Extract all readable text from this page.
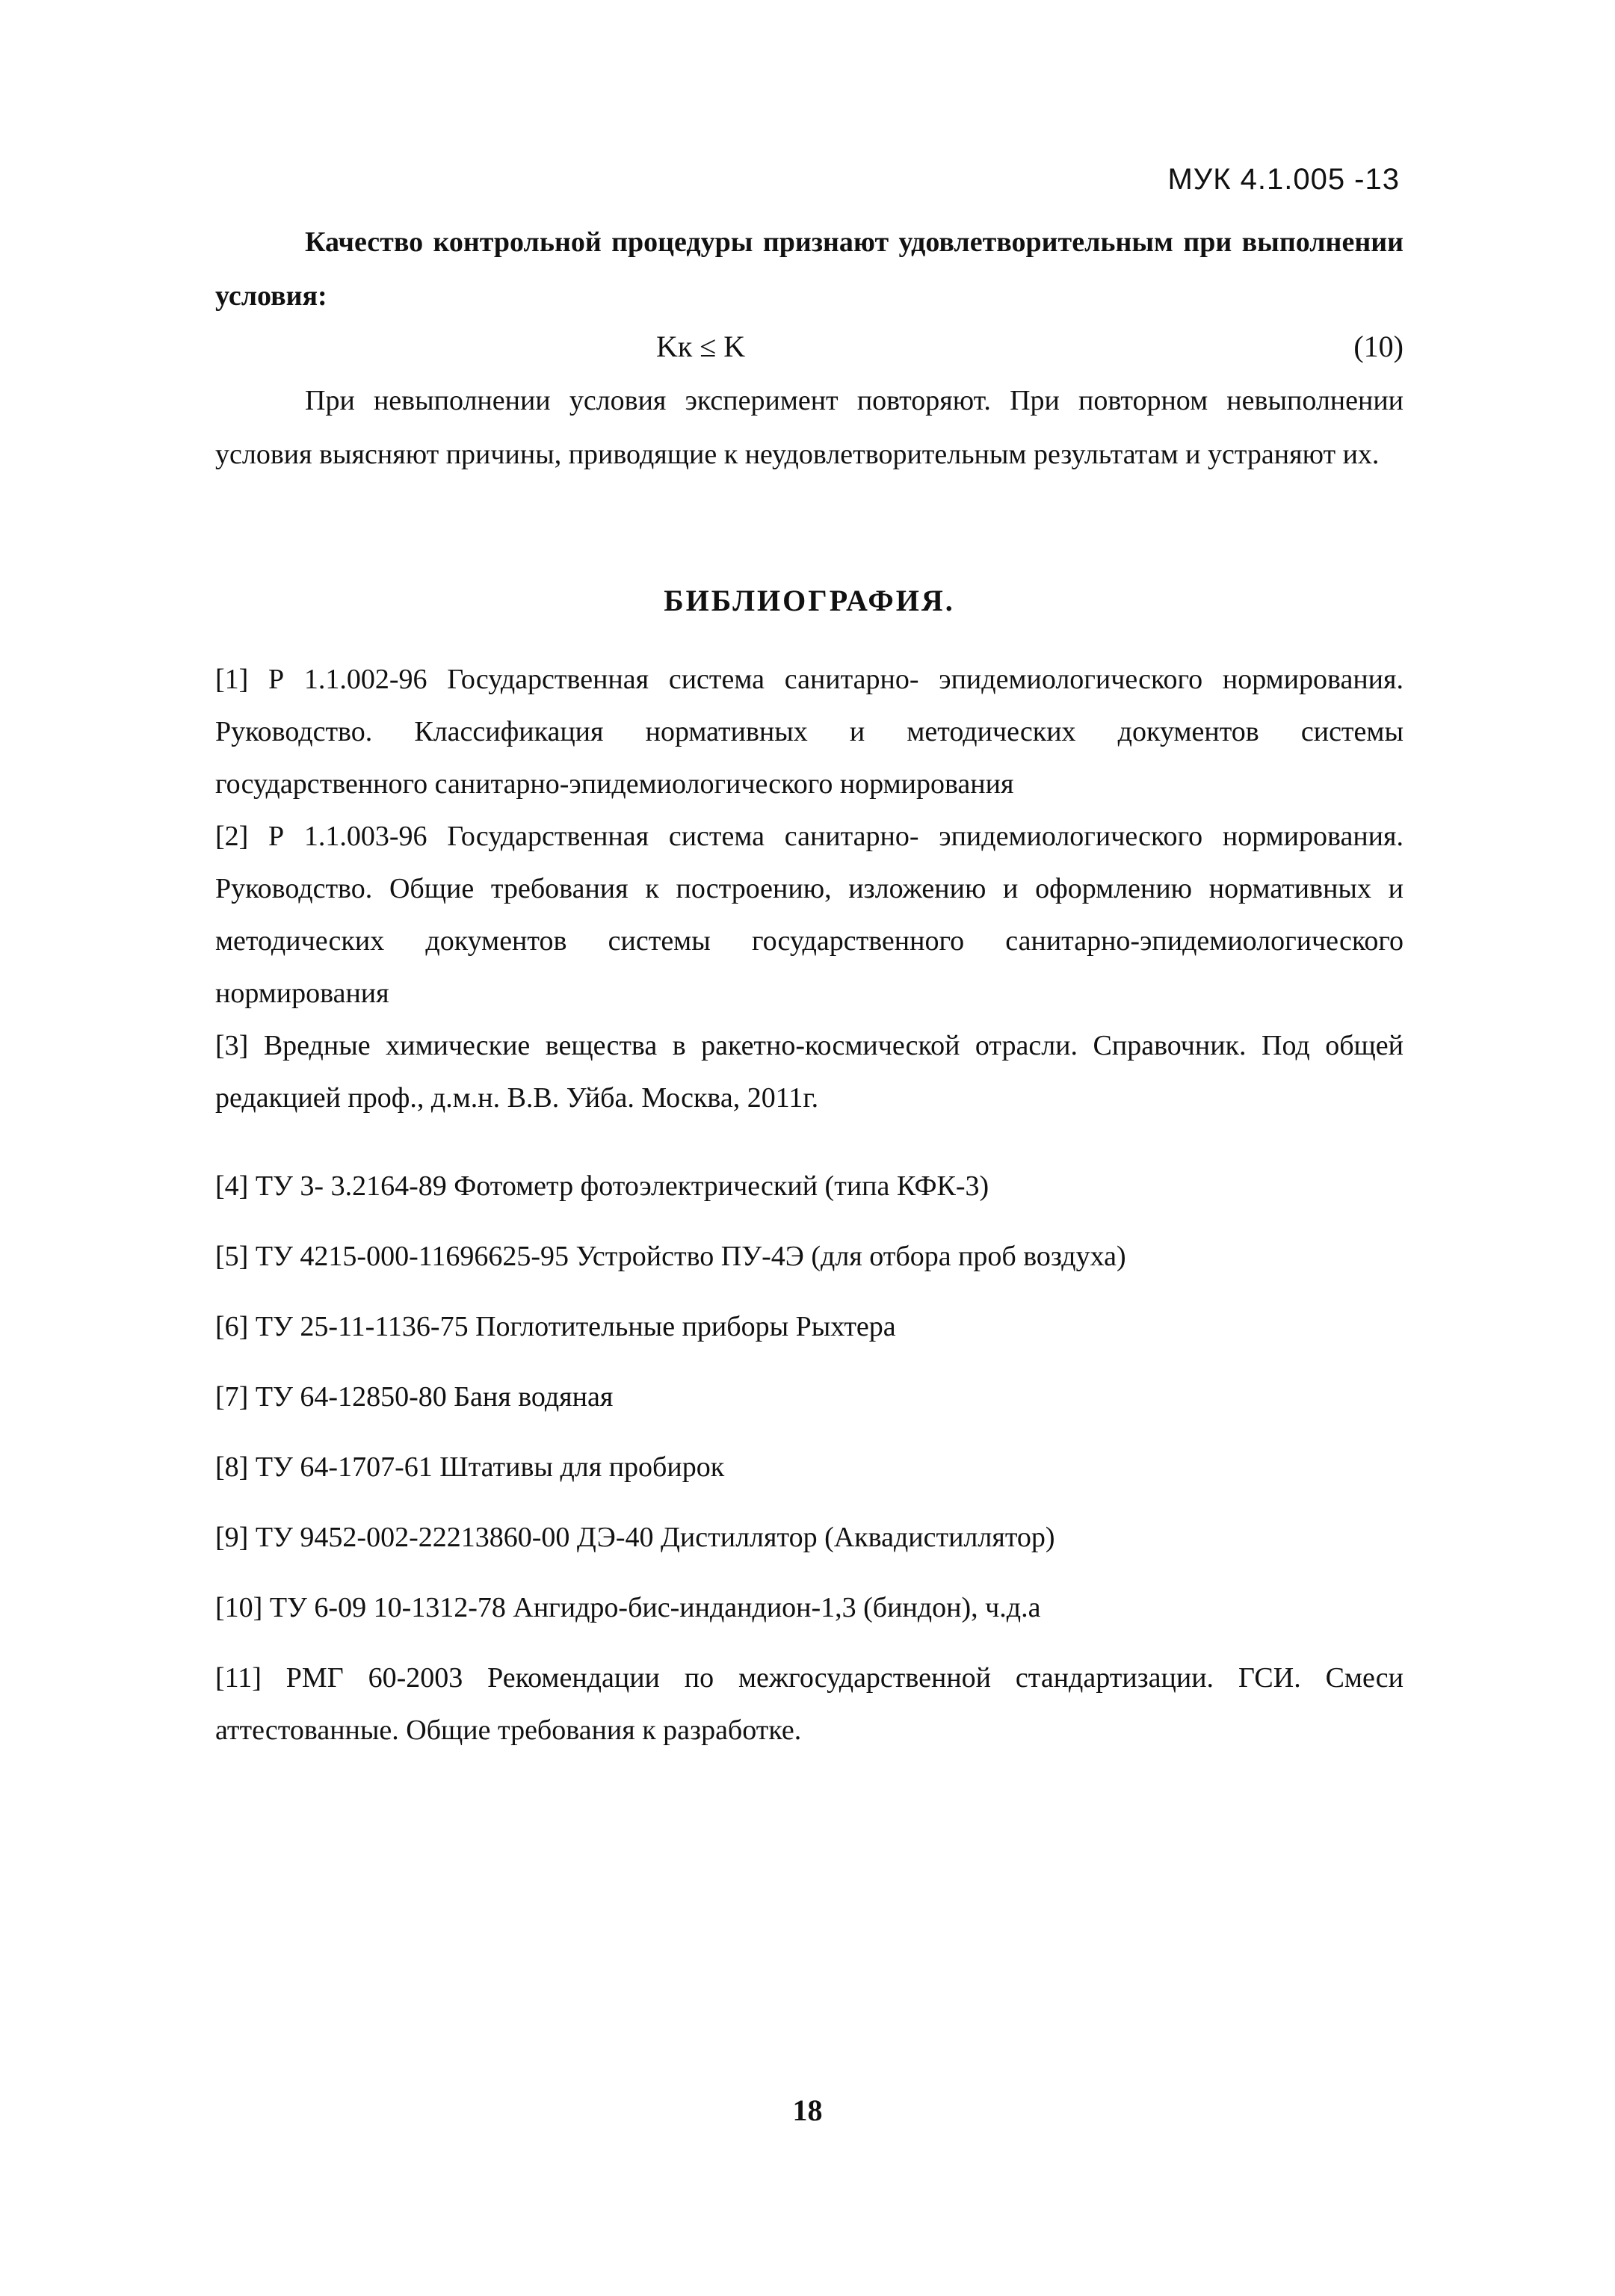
МУК 4.1.005 -13

Качество контрольной процедуры признают удовлетворительным при выполнении условия:

Kк ≤ K	(10)

При невыполнении условия эксперимент повторяют. При повторном невыполнении условия выясняют причины, приводящие к неудовлетворительным результатам и устраняют их.

БИБЛИОГРАФИЯ.

[1] Р 1.1.002-96 Государственная система санитарно- эпидемиологического нормирования. Руководство. Классификация нормативных и методических документов системы государственного санитарно-эпидемиологического нормирования

[2] Р 1.1.003-96 Государственная система санитарно- эпидемиологического нормирования. Руководство. Общие требования к построению, изложению и оформлению нормативных и методических документов системы государственного санитарно-эпидемиологического нормирования

[3] Вредные химические вещества в ракетно-космической отрасли. Справочник. Под общей редакцией проф., д.м.н. В.В. Уйба. Москва, 2011г.

[4] ТУ 3- 3.2164-89 Фотометр фотоэлектрический (типа КФК-3)

[5] ТУ 4215-000-11696625-95 Устройство ПУ-4Э (для отбора проб воздуха)

[6] ТУ 25-11-1136-75 Поглотительные приборы Рыхтера

[7] ТУ 64-12850-80 Баня водяная

[8] ТУ 64-1707-61 Штативы для пробирок

[9] ТУ 9452-002-22213860-00 ДЭ-40 Дистиллятор (Аквадистиллятор)

[10] ТУ 6-09 10-1312-78 Ангидро-бис-индандион-1,3 (биндон), ч.д.а

[11] РМГ 60-2003 Рекомендации по межгосударственной стандартизации. ГСИ. Смеси аттестованные. Общие требования к разработке.

18
